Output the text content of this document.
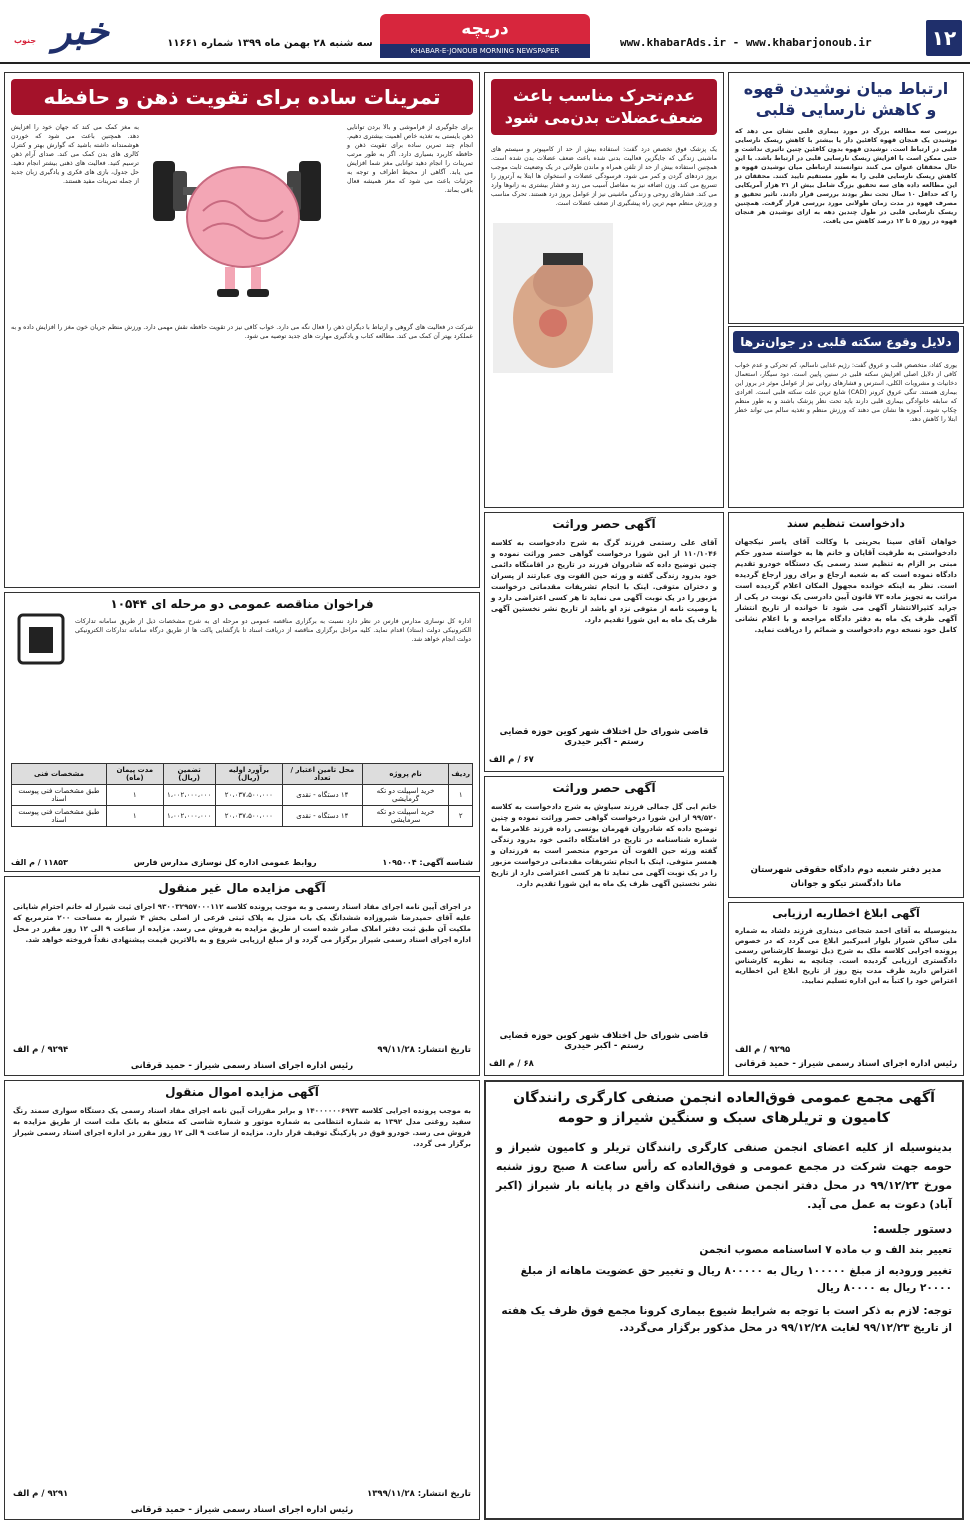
۱۲
www.khabarAds.ir - www.khabarjonoub.ir
دریچه
KHABAR-E-JONOUB MORNING NEWSPAPER
سه شنبه ۲۸ بهمن ماه ۱۳۹۹ شماره ۱۱۶۶۱
خبر
جنوب
ارتباط میان نوشیدن قهوه
و کاهش نارسایی قلبی
بررسی سه مطالعه بزرگ در مورد بیماری قلبی نشان می دهد که نوشیدن یک فنجان قهوه کافئین دار یا بیشتر با کاهش ریسک نارسایی قلبی در ارتباط است. نوشیدن قهوه بدون کافئین چنین تاثیری نداشت و حتی ممکن است با افزایش ریسک نارسایی قلبی در ارتباط باشد. با این حال محققان عنوان می کنند نتوانستند ارتباطی میان نوشیدن قهوه و کاهش ریسک نارسایی قلبی را به طور مستقیم تایید کنند. محققان در این مطالعه داده های سه تحقیق بزرگ شامل بیش از ۲۱ هزار آمریکایی را که حداقل ۱۰ سال تحت نظر بودند بررسی قرار دادند. تاثیر تحقیق و مصرف قهوه در مدت زمان طولانی مورد بررسی قرار گرفت. همچنین ریسک نارسایی قلبی در طول چندین دهه به ازای نوشیدن هر فنجان قهوه در روز ۵ تا ۱۲ درصد کاهش می یافت.
دلایل وقوع سکته قلبی در جوان‌ترها
یوری کفاد، متخصص قلب و عروق گفت: رژیم غذایی ناسالم، کم تحرکی و عدم خواب کافی از دلایل اصلی افزایش سکته قلبی در سنین پایین است. دود سیگار، استعمال دخانیات و مشروبات الکلی، استرس و فشارهای روانی نیز از عوامل موثر در بروز این بیماری هستند. تنگی عروق کرونر (CAD) شایع ترین علت سکته قلبی است. افرادی که سابقه خانوادگی بیماری قلبی دارند باید تحت نظر پزشک باشند و به طور منظم چکاپ شوند. آموزه ها نشان می دهند که ورزش منظم و تغذیه سالم می تواند خطر ابتلا را کاهش دهد.
عدم‌تحرک مناسب باعث
ضعف‌عضلات بدن‌می شود
یک پزشک فوق تخصص درد گفت: استفاده بیش از حد از کامپیوتر و سیستم های ماشینی زندگی که جایگزین فعالیت بدنی شده باعث ضعف عضلات بدن شده است. همچنین استفاده بیش از حد از تلفن همراه و ماندن طولانی در یک وضعیت ثابت موجب بروز دردهای گردن و کمر می شود. فرسودگی عضلات و استخوان ها ابتلا به آرتروز را تسریع می کند. وزن اضافه نیز به مفاصل آسیب می زند و فشار بیشتری به زانوها وارد می کند. فشارهای روحی و زندگی ماشینی نیز از عوامل بروز درد هستند. تحرک مناسب و ورزش منظم مهم ترین راه پیشگیری از ضعف عضلات است.
تمرینات ساده برای تقویت ذهن و حافظه
برای جلوگیری از فراموشی و بالا بردن توانایی ذهن بایستی به تغذیه خاص اهمیت بیشتری دهیم. انجام چند تمرین ساده برای تقویت ذهن و حافظه کاربرد بسیاری دارد. اگر به طور مرتب تمرینات را انجام دهید توانایی مغز شما افزایش می یابد. آگاهی از محیط اطراف و توجه به جزئیات باعث می شود که مغز همیشه فعال باقی بماند.
به مغز کمک می کند که جهان خود را افزایش دهد. همچنین باعث می شود که خوردن هوشمندانه داشته باشید که گوارش بهتر و کنترل کالری های بدن کمک می کند. صدای آرام ذهن ترسیم کنید. فعالیت های ذهنی بیشتر انجام دهید. حل جدول، بازی های فکری و یادگیری زبان جدید از جمله تمرینات مفید هستند.
شرکت در فعالیت های گروهی و ارتباط با دیگران ذهن را فعال نگه می دارد. خواب کافی نیز در تقویت حافظه نقش مهمی دارد. ورزش منظم جریان خون مغز را افزایش داده و به عملکرد بهتر آن کمک می کند. مطالعه کتاب و یادگیری مهارت های جدید توصیه می شود.
فراخوان مناقصه عمومی دو مرحله ای ۱۰۵۴۴
اداره کل نوسازی مدارس فارس در نظر دارد نسبت به برگزاری مناقصه عمومی دو مرحله ای به شرح مشخصات ذیل از طریق سامانه تدارکات الکترونیکی دولت (ستاد) اقدام نماید. کلیه مراحل برگزاری مناقصه از دریافت اسناد تا بازگشایی پاکت ها از طریق درگاه سامانه تدارکات الکترونیکی دولت انجام خواهد شد.
ردیف	نام پروژه	محل تامین اعتبار / تعداد	برآورد اولیه (ریال)	تضمین (ریال)	مدت پیمان (ماه)	مشخصات فنی
۱	خرید اسپیلت دو تکه گرمایشی	۱۴ دستگاه - نقدی	۲۰،۰۳۷،۵۰۰،۰۰۰	۱،۰۰۲،۰۰۰،۰۰۰	۱	طبق مشخصات فنی پیوست اسناد
۲	خرید اسپیلت دو تکه سرمایشی	۱۴ دستگاه - نقدی	۲۰،۰۳۷،۵۰۰،۰۰۰	۱،۰۰۲،۰۰۰،۰۰۰	۱	طبق مشخصات فنی پیوست اسناد
شناسه آگهی: ۱۰۹۵۰۰۴
روابط عمومی اداره کل نوسازی مدارس فارس
۱۱۸۵۳ / م الف
دادخواست تنظیم سند
خواهان آقای سینا بحرینی با وکالت آقای یاسر نیکجهان دادخواستی به طرفیت آقایان و خانم ها به خواسته صدور حکم مبنی بر الزام به تنظیم سند رسمی یک دستگاه خودرو تقدیم دادگاه نموده است که به شعبه ارجاع و برای روز ارجاع گردیده است. نظر به اینکه خوانده مجهول المکان اعلام گردیده است مراتب به تجویز ماده ۷۳ قانون آیین دادرسی یک نوبت در یکی از جراید کثیرالانتشار آگهی می شود تا خوانده از تاریخ انتشار آگهی ظرف یک ماه به دفتر دادگاه مراجعه و با اعلام نشانی کامل خود نسخه دوم دادخواست و ضمائم را دریافت نماید.
مدیر دفتر شعبه دوم دادگاه حقوقی شهرستان
مانا دادگستر تیکو و جوانان
آگهی حصر وراثت
آقای علی رستمی فرزند گرگ به شرح دادخواست به کلاسه ۱۱۰/۱۰۴۶ از این شورا درخواست گواهی حصر وراثت نموده و چنین توضیح داده که شادروان فرزند در تاریخ در اقامتگاه دائمی خود بدرود زندگی گفته و ورثه حین الفوت وی عبارتند از پسران و دختران متوفی. اینک با انجام تشریفات مقدماتی درخواست مزبور را در یک نوبت آگهی می نماید تا هر کسی اعتراضی دارد و یا وصیت نامه از متوفی نزد او باشد از تاریخ نشر نخستین آگهی ظرف یک ماه به این شورا تقدیم دارد.
قاضی شورای حل اختلاف شهر کوین حوزه قضایی رستم - اکبر حیدری
۶۷ / م الف
آگهی حصر وراثت
خانم ابی گل جمالی فرزند سیاوش به شرح دادخواست به کلاسه ۹۹/۵۲۰ از این شورا درخواست گواهی حصر وراثت نموده و چنین توضیح داده که شادروان قهرمان یونسی زاده فرزند غلامرضا به شماره شناسنامه در تاریخ در اقامتگاه دائمی خود بدرود زندگی گفته ورثه حین الفوت آن مرحوم منحصر است به فرزندان و همسر متوفی. اینک با انجام تشریفات مقدماتی درخواست مزبور را در یک نوبت آگهی می نماید تا هر کسی اعتراضی دارد از تاریخ نشر نخستین آگهی ظرف یک ماه به این شورا تقدیم دارد.
قاضی شورای حل اختلاف شهر کوین حوزه قضایی رستم - اکبر حیدری
۶۸ / م الف
آگهی ابلاغ اخطاریه ارزیابی
بدینوسیله به آقای احمد شجاعی دینداری فرزند دلشاد به شماره ملی ساکن شیراز بلوار امیرکبیر ابلاغ می گردد که در خصوص پرونده اجرایی کلاسه ملک به شرح ذیل توسط کارشناس رسمی دادگستری ارزیابی گردیده است. چنانچه به نظریه کارشناس اعتراض دارید ظرف مدت پنج روز از تاریخ ابلاغ این اخطاریه اعتراض خود را کتباً به این اداره تسلیم نمایید.
۹۲۹۵ / م الف
رئیس اداره اجرای اسناد رسمی شیراز - حمید قرقانی
آگهی مزایده مال غیر منقول
در اجرای آیین نامه اجرای مفاد اسناد رسمی و به موجب پرونده کلاسه ۹۳۰۰۳۲۹۵۷۰۰۰۱۱۲ اجرای ثبت شیراز له خانم احترام شایانی علیه آقای حمیدرضا شیروزاده ششدانگ یک باب منزل به پلاک ثبتی فرعی از اصلی بخش ۴ شیراز به مساحت ۲۰۰ مترمربع که ملکیت آن طبق ثبت دفتر املاک صادر شده است از طریق مزایده به فروش می رسد. مزایده از ساعت ۹ الی ۱۲ روز مقرر در محل اداره اجرای اسناد رسمی شیراز برگزار می گردد و از مبلغ ارزیابی شروع و به بالاترین قیمت پیشنهادی نقداً فروخته خواهد شد.
تاریخ انتشار: ۹۹/۱۱/۲۸
۹۲۹۴ / م الف
رئیس اداره اجرای اسناد رسمی شیراز - حمید قرقانی
آگهی مزایده اموال منقول
به موجب پرونده اجرایی کلاسه ۱۴۰۰۰۰۰۰۶۹۷۳ و برابر مقررات آیین نامه اجرای مفاد اسناد رسمی یک دستگاه سواری سمند رنگ سفید روغنی مدل ۱۳۹۲ به شماره انتظامی به شماره موتور و شماره شاسی که متعلق به بانک ملت است از طریق مزایده به فروش می رسد. خودرو فوق در پارکینگ توقیف قرار دارد. مزایده از ساعت ۹ الی ۱۲ روز مقرر در اداره اجرای اسناد رسمی شیراز برگزار می گردد.
تاریخ انتشار: ۱۳۹۹/۱۱/۲۸
۹۲۹۱ / م الف
رئیس اداره اجرای اسناد رسمی شیراز - حمید قرقانی
آگهی مجمع عمومی فوق‌العاده انجمن صنفی کارگری رانندگان
کامیون و تریلرهای سبک و سنگین شیراز و حومه
بدینوسیله از کلیه اعضای انجمن صنفی کارگری رانندگان تریلر و کامیون شیراز و حومه جهت شرکت در مجمع عمومی و فوق‌العاده که رأس ساعت ۸ صبح روز شنبه مورخ ۹۹/۱۲/۲۳ در محل دفتر انجمن صنفی رانندگان واقع در پایانه بار شیراز (اکبر آباد) دعوت به عمل می آید.
دستور جلسه:
تعییر بند الف و ب ماده ۷ اساسنامه مصوب انجمن
تغییر ورودیه از مبلغ ۱۰۰۰۰۰ ریال به ۸۰۰۰۰۰ ریال و تغییر حق عضویت ماهانه از مبلغ ۲۰۰۰۰ ریال به ۸۰۰۰۰ ریال
توجه: لازم به ذکر است با توجه به شرایط شیوع بیماری کرونا مجمع فوق ظرف یک هفته از تاریخ ۹۹/۱۲/۲۳ لغایت ۹۹/۱۲/۲۸ در محل مذکور برگزار می‌گردد.
